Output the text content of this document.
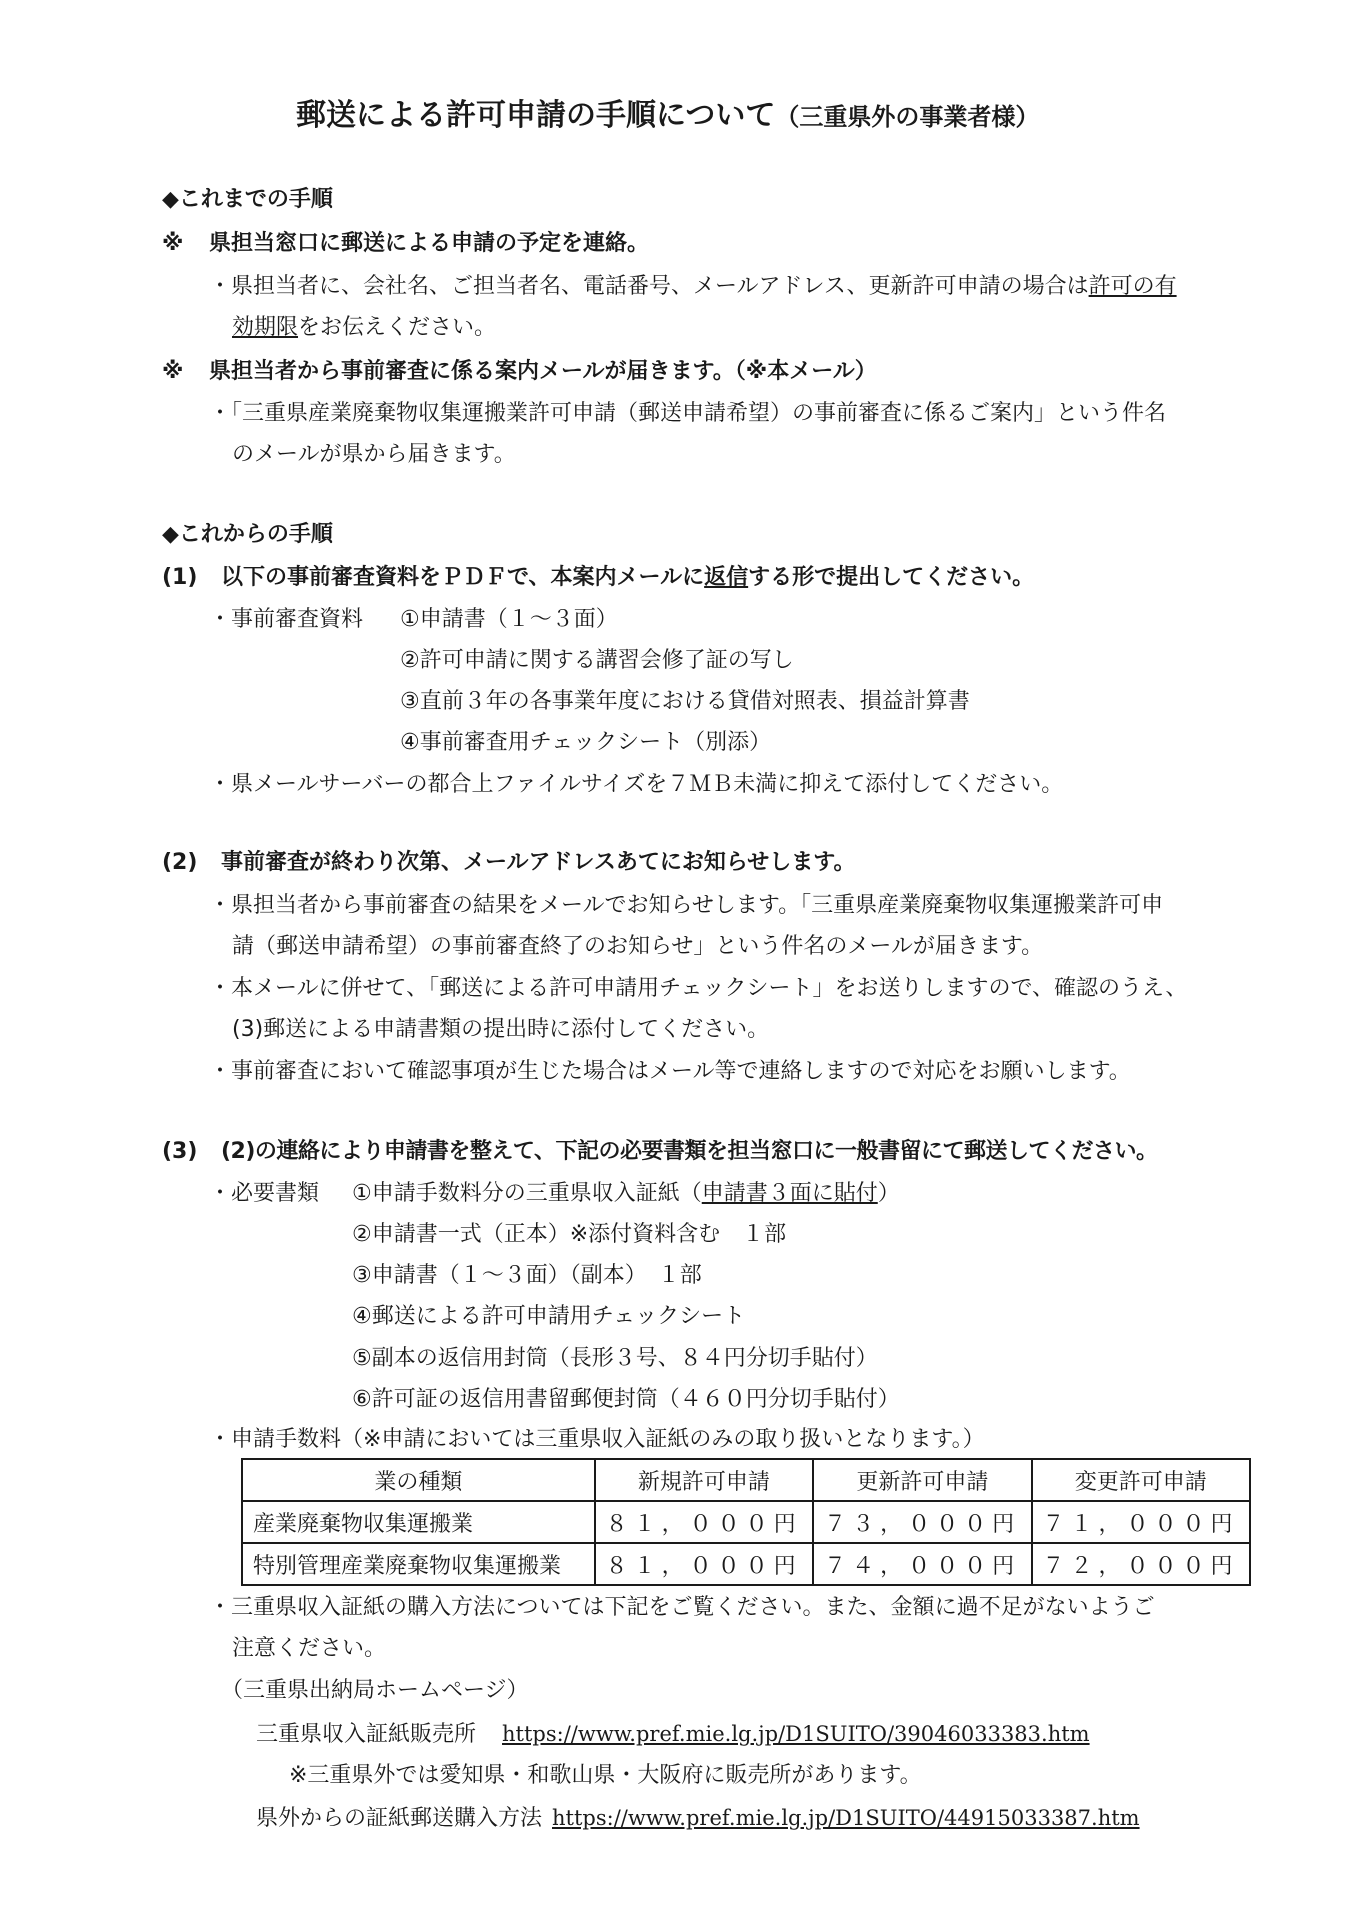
郵送による許可申請の手順について（三重県外の事業者様）
◆これまでの手順
※ 県担当窓口に郵送による申請の予定を連絡。
・県担当者に、会社名、ご担当者名、電話番号、メールアドレス、更新許可申請の場合は許可の有
効期限をお伝えください。
※ 県担当者から事前審査に係る案内メールが届きます。（※本メール）
・「三重県産業廃棄物収集運搬業許可申請（郵送申請希望）の事前審査に係るご案内」という件名
のメールが県から届きます。
◆これからの手順
(1) 以下の事前審査資料をＰＤＦで、本案内メールに返信する形で提出してください。
・事前審査資料 ①申請書（１～３面）
②許可申請に関する講習会修了証の写し
③直前３年の各事業年度における貸借対照表、損益計算書
④事前審査用チェックシート（別添）
・県メールサーバーの都合上ファイルサイズを７ＭＢ未満に抑えて添付してください。
(2) 事前審査が終わり次第、メールアドレスあてにお知らせします。
・県担当者から事前審査の結果をメールでお知らせします。「三重県産業廃棄物収集運搬業許可申
請（郵送申請希望）の事前審査終了のお知らせ」という件名のメールが届きます。
・本メールに併せて、「郵送による許可申請用チェックシート」をお送りしますので、確認のうえ、
(3)郵送による申請書類の提出時に添付してください。
・事前審査において確認事項が生じた場合はメール等で連絡しますので対応をお願いします。
(3) (2)の連絡により申請書を整えて、下記の必要書類を担当窓口に一般書留にて郵送してください。
・必要書類 ①申請手数料分の三重県収入証紙（申請書３面に貼付）
②申請書一式（正本）※添付資料含む　１部
③申請書（１～３面）（副本）　１部
④郵送による許可申請用チェックシート
⑤副本の返信用封筒（長形３号、８４円分切手貼付）
⑥許可証の返信用書留郵便封筒（４６０円分切手貼付）
・申請手数料（※申請においては三重県収入証紙のみの取り扱いとなります。）
業の種類	新規許可申請	更新許可申請	変更許可申請
産業廃棄物収集運搬業	８１，０００円	７３，０００円	７１，０００円
特別管理産業廃棄物収集運搬業	８１，０００円	７４，０００円	７２，０００円
・三重県収入証紙の購入方法については下記をご覧ください。また、金額に過不足がないようご
注意ください。
（三重県出納局ホームページ）
三重県収入証紙販売所 https://www.pref.mie.lg.jp/D1SUITO/39046033383.htm
※三重県外では愛知県・和歌山県・大阪府に販売所があります。
県外からの証紙郵送購入方法 https://www.pref.mie.lg.jp/D1SUITO/44915033387.htm
